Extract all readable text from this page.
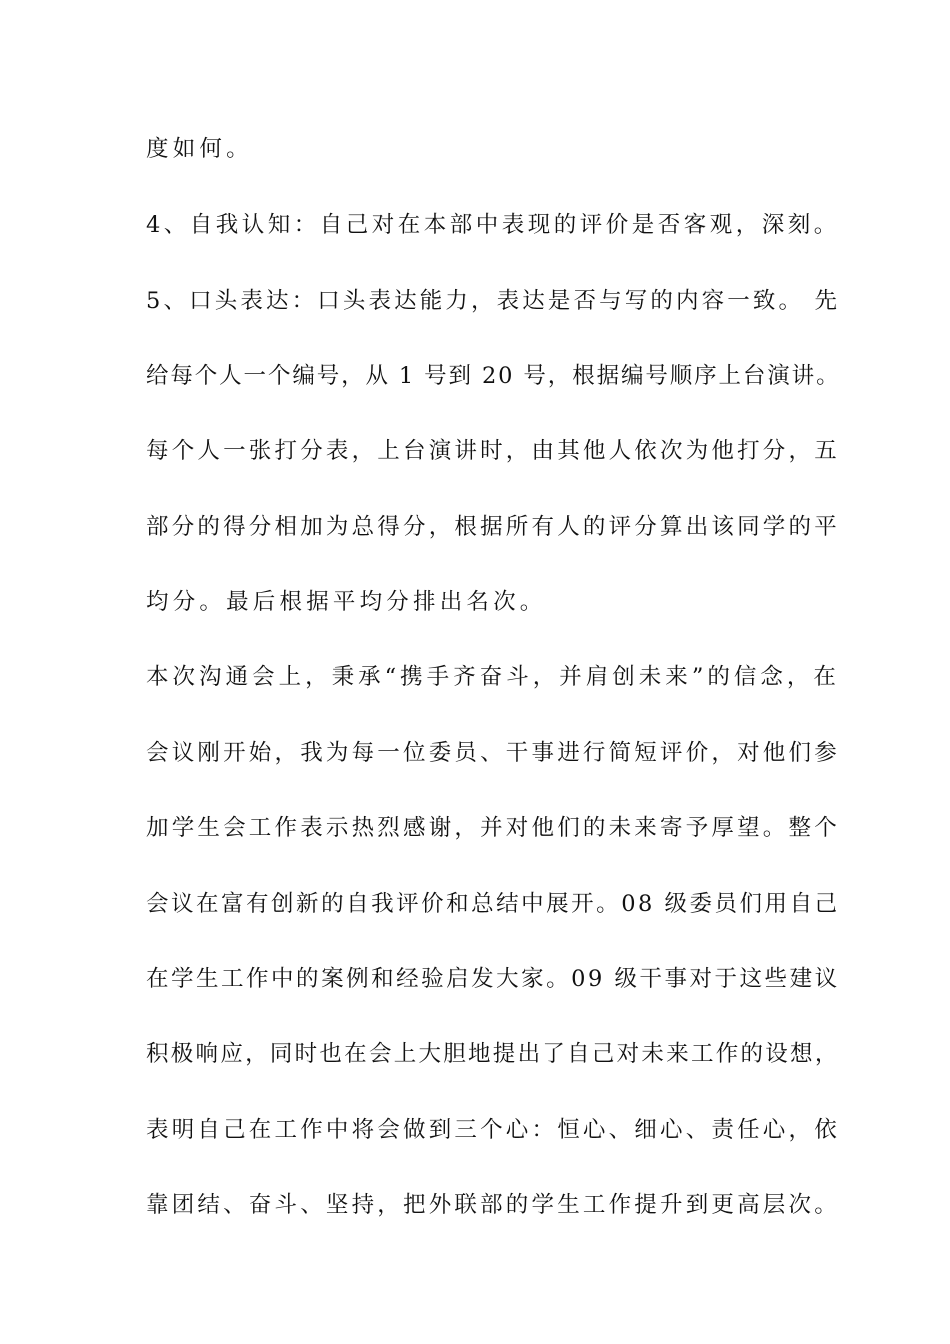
度如何。
4、自我认知：自己对在本部中表现的评价是否客观，深刻。
5、口头表达：口头表达能力，表达是否与写的内容一致。 先
给每个人一个编号，从 1 号到 20 号，根据编号顺序上台演讲。
每个人一张打分表，上台演讲时，由其他人依次为他打分，五
部分的得分相加为总得分，根据所有人的评分算出该同学的平
均分。最后根据平均分排出名次。
本次沟通会上，秉承“携手齐奋斗，并肩创未来”的信念，在
会议刚开始，我为每一位委员、干事进行简短评价，对他们参
加学生会工作表示热烈感谢，并对他们的未来寄予厚望。整个
会议在富有创新的自我评价和总结中展开。08 级委员们用自己
在学生工作中的案例和经验启发大家。09 级干事对于这些建议
积极响应，同时也在会上大胆地提出了自己对未来工作的设想，
表明自己在工作中将会做到三个心：恒心、细心、责任心，依
靠团结、奋斗、坚持，把外联部的学生工作提升到更高层次。
